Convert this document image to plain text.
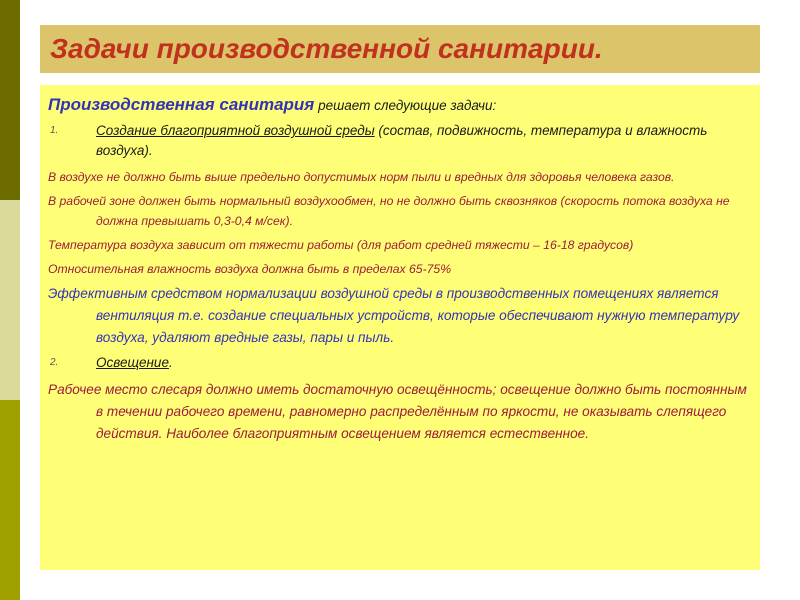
Задачи производственной санитарии.

Производственная санитария решает следующие задачи:

1.	Создание благоприятной воздушной среды (состав, подвижность, температура и влажность воздуха).

В воздухе не должно быть выше предельно допустимых норм пыли и вредных для здоровья человека газов.

В рабочей зоне должен быть нормальный воздухообмен, но не должно быть сквозняков (скорость потока воздуха не должна превышать 0,3-0,4 м/сек).

Температура воздуха зависит от тяжести работы (для работ средней тяжести – 16-18 градусов)

Относительная влажность воздуха должна быть в пределах 65-75%

Эффективным средством нормализации воздушной среды в производственных помещениях является вентиляция т.е. создание специальных устройств, которые обеспечивают нужную температуру воздуха, удаляют вредные газы, пары и пыль.

2.	Освещение.

Рабочее место слесаря должно иметь достаточную освещённость; освещение должно быть постоянным в течении рабочего времени, равномерно распределённым по яркости, не оказывать слепящего действия. Наиболее благоприятным освещением является естественное.
